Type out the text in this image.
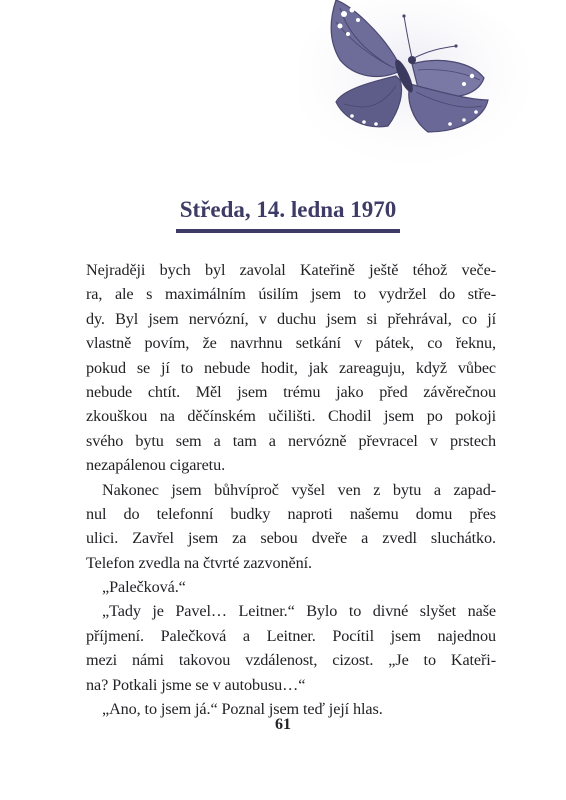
Středa, 14. ledna 1970
Nejraději bych byl zavolal Kateřině ještě téhož veče-
ra, ale s maximálním úsilím jsem to vydržel do stře-
dy. Byl jsem nervózní, v duchu jsem si přehrával, co jí
vlastně povím, že navrhnu setkání v pátek, co řeknu,
pokud se jí to nebude hodit, jak zareaguju, když vůbec
nebude chtít. Měl jsem trému jako před závěrečnou
zkouškou na děčínském učilišti. Chodil jsem po pokoji
svého bytu sem a tam a nervózně převracel v prstech
nezapálenou cigaretu.
Nakonec jsem bůhvíproč vyšel ven z bytu a zapad-
nul do telefonní budky naproti našemu domu přes
ulici. Zavřel jsem za sebou dveře a zvedl sluchátko.
Telefon zvedla na čtvrté zazvonění.
„Palečková.“
„Tady je Pavel… Leitner.“ Bylo to divné slyšet naše
příjmení. Palečková a Leitner. Pocítil jsem najednou
mezi námi takovou vzdálenost, cizost. „Je to Kateři-
na? Potkali jsme se v autobusu…“
„Ano, to jsem já.“ Poznal jsem teď její hlas.
61
